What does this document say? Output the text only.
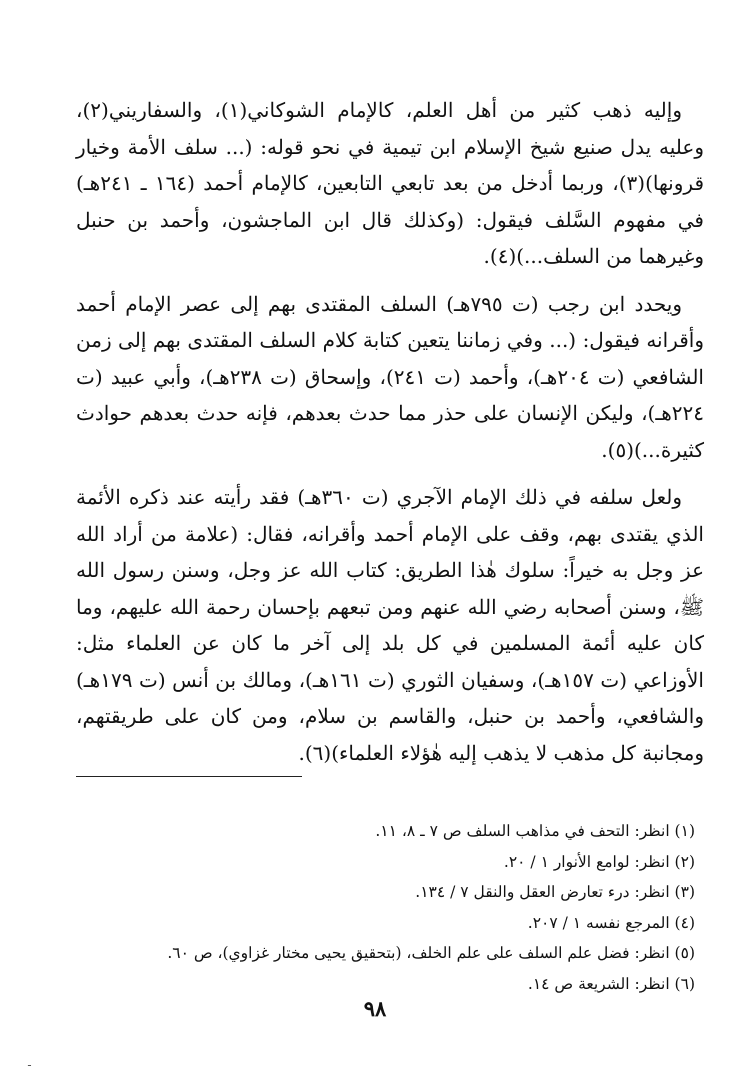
وإليه ذهب كثير من أهل العلم، كالإمام الشوكاني(١)، والسفاريني(٢)، وعليه يدل صنيع شيخ الإسلام ابن تيمية في نحو قوله: (... سلف الأمة وخيار قرونها)(٣)، وربما أدخل من بعد تابعي التابعين، كالإمام أحمد (١٦٤ ـ ٢٤١هـ) في مفهوم السَّلف فيقول: (وكذلك قال ابن الماجشون، وأحمد بن حنبل وغيرهما من السلف...)(٤).

ويحدد ابن رجب (ت ٧٩٥هـ) السلف المقتدى بهم إلى عصر الإمام أحمد وأقرانه فيقول: (... وفي زماننا يتعين كتابة كلام السلف المقتدى بهم إلى زمن الشافعي (ت ٢٠٤هـ)، وأحمد (ت ٢٤١)، وإسحاق (ت ٢٣٨هـ)، وأبي عبيد (ت ٢٢٤هـ)، وليكن الإنسان على حذر مما حدث بعدهم، فإنه حدث بعدهم حوادث كثيرة...)(٥).

ولعل سلفه في ذلك الإمام الآجري (ت ٣٦٠هـ) فقد رأيته عند ذكره الأئمة الذي يقتدى بهم، وقف على الإمام أحمد وأقرانه، فقال: (علامة من أراد الله عز وجل به خيراً: سلوك هٰذا الطريق: كتاب الله عز وجل، وسنن رسول الله ﷺ، وسنن أصحابه رضي الله عنهم ومن تبعهم بإحسان رحمة الله عليهم، وما كان عليه أئمة المسلمين في كل بلد إلى آخر ما كان عن العلماء مثل: الأوزاعي (ت ١٥٧هـ)، وسفيان الثوري (ت ١٦١هـ)، ومالك بن أنس (ت ١٧٩هـ) والشافعي، وأحمد بن حنبل، والقاسم بن سلام، ومن كان على طريقتهم، ومجانبة كل مذهب لا يذهب إليه هٰؤلاء العلماء)(٦).

(١) انظر: التحف في مذاهب السلف ص ٧ ـ ٨، ١١.
(٢) انظر: لوامع الأنوار ١ / ٢٠.
(٣) انظر: درء تعارض العقل والنقل ٧ / ١٣٤.
(٤) المرجع نفسه ١ / ٢٠٧.
(٥) انظر: فضل علم السلف على علم الخلف، (بتحقيق يحيى مختار غزاوي)، ص ٦٠.
(٦) انظر: الشريعة ص ١٤.
٩٨
ـ
